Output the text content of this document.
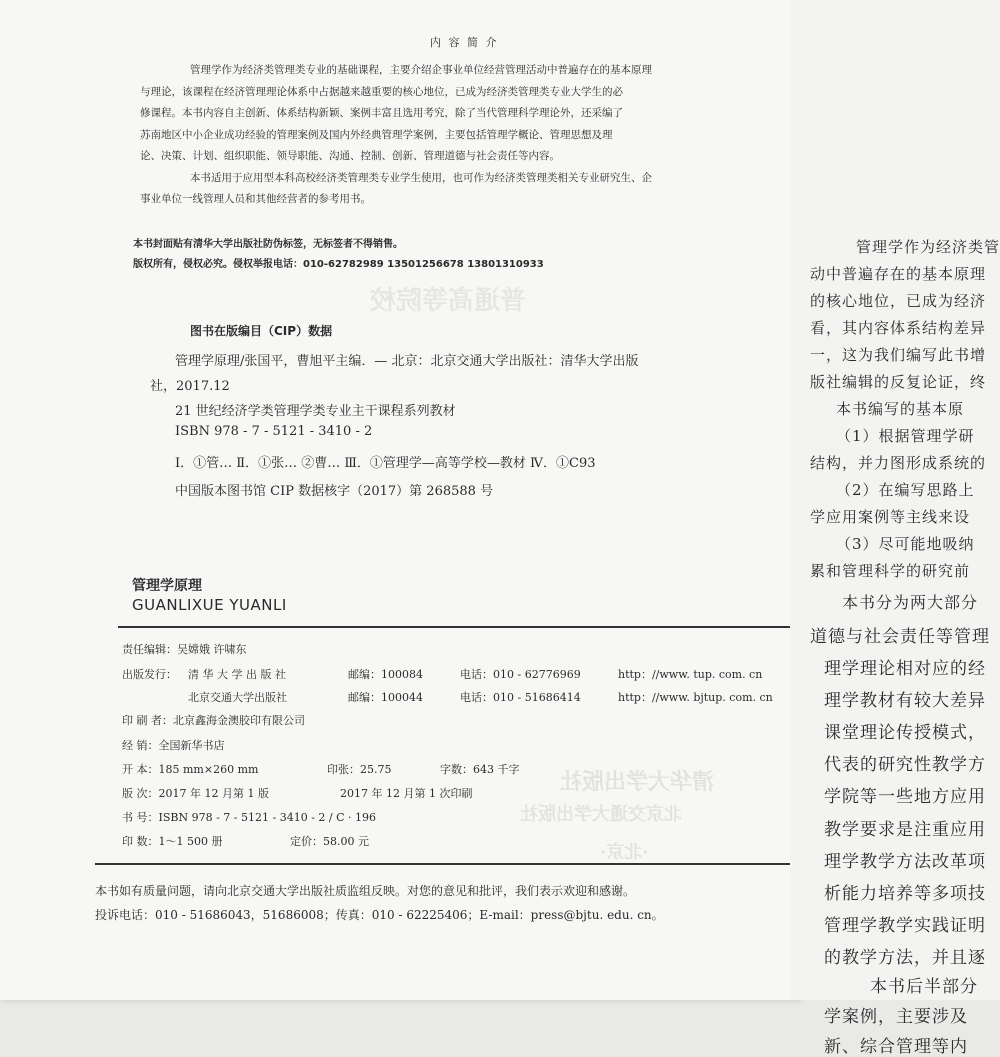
普通高等院校
清华大学出版社
北京交通大学出版社
·北京·
内 容 简 介
管理学作为经济类管理类专业的基础课程，主要介绍企事业单位经营管理活动中普遍存在的基本原理
与理论，该课程在经济管理理论体系中占据越来越重要的核心地位，已成为经济类管理类专业大学生的必
修课程。本书内容自主创新、体系结构新颖、案例丰富且选用考究，除了当代管理科学理论外，还采编了
苏南地区中小企业成功经验的管理案例及国内外经典管理学案例，主要包括管理学概论、管理思想及理
论、决策、计划、组织职能、领导职能、沟通、控制、创新、管理道德与社会责任等内容。
本书适用于应用型本科高校经济类管理类专业学生使用，也可作为经济类管理类相关专业研究生、企
事业单位一线管理人员和其他经营者的参考用书。
本书封面贴有清华大学出版社防伪标签，无标签者不得销售。
版权所有，侵权必究。侵权举报电话：010-62782989 13501256678 13801310933
图书在版编目（CIP）数据
管理学原理/张国平，曹旭平主编．— 北京：北京交通大学出版社：清华大学出版
社，2017.12
21 世纪经济学类管理学类专业主干课程系列教材
ISBN 978 - 7 - 5121 - 3410 - 2
Ⅰ．①管… Ⅱ．①张… ②曹… Ⅲ．①管理学—高等学校—教材 Ⅳ．①C93
中国版本图书馆 CIP 数据核字（2017）第 268588 号
管理学原理
GUANLIXUE YUANLI
责任编辑：吴嫦娥 许啸东
出版发行： 清 华 大 学 出 版 社	邮编：100084	电话：010 - 62776969	http：//www. tup. com. cn
北京交通大学出版社	邮编：100044	电话：010 - 51686414	http：//www. bjtup. com. cn
印 刷 者：北京鑫海金澳胶印有限公司
经 销：全国新华书店
开 本：185 mm×260 mm	印张：25.75	字数：643 千字
版 次：2017 年 12 月第 1 版	2017 年 12 月第 1 次印刷
书 号：ISBN 978 - 7 - 5121 - 3410 - 2 / C · 196
印 数：1～1 500 册	定价：58.00 元
本书如有质量问题，请向北京交通大学出版社质监组反映。对您的意见和批评，我们表示欢迎和感谢。
投诉电话：010 - 51686043，51686008；传真：010 - 62225406；E-mail：press@bjtu. edu. cn。
管理学作为经济类管
动中普遍存在的基本原理
的核心地位，已成为经济
看，其内容体系结构差异
一，这为我们编写此书增
版社编辑的反复论证，终
本书编写的基本原
（1）根据管理学研
结构，并力图形成系统的
（2）在编写思路上
学应用案例等主线来设
（3）尽可能地吸纳
累和管理科学的研究前
本书分为两大部分
道德与社会责任等管理
理学理论相对应的经
理学教材有较大差异
课堂理论传授模式，
代表的研究性教学方
学院等一些地方应用
教学要求是注重应用
理学教学方法改革项
析能力培养等多项技
管理学教学实践证明
的教学方法，并且逐
本书后半部分
学案例，主要涉及
新、综合管理等内
